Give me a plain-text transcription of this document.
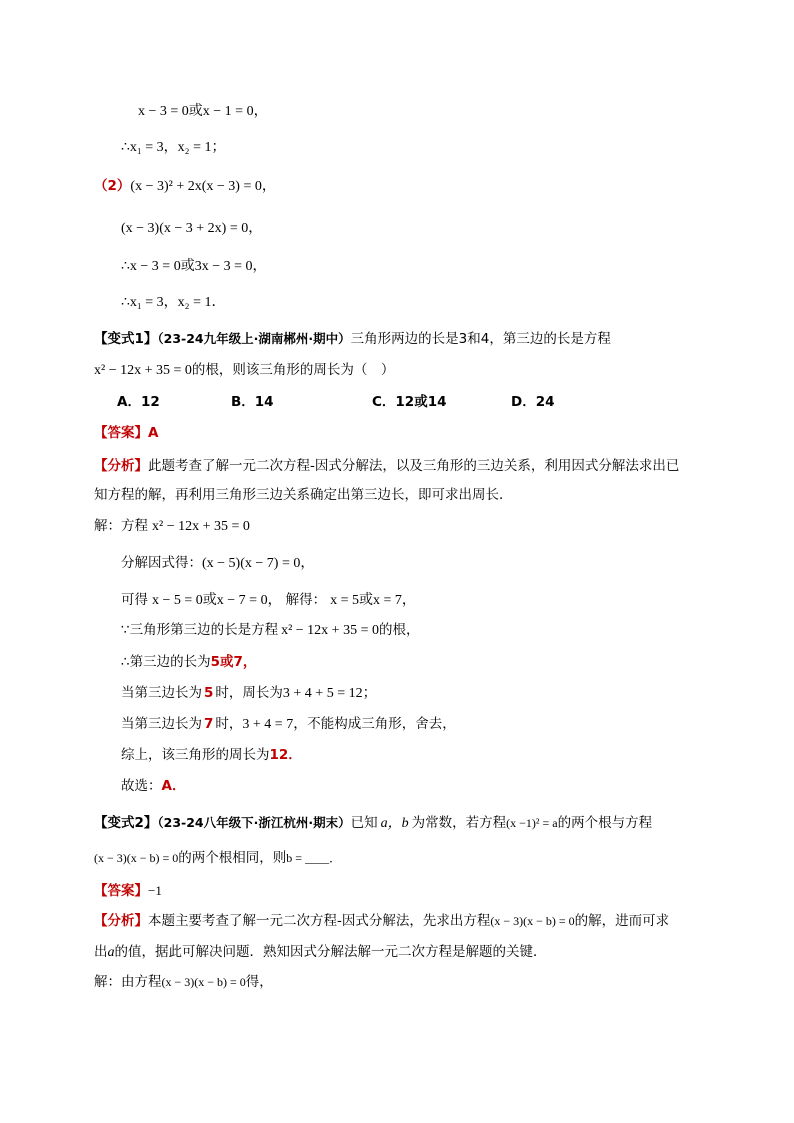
x − 3 = 0或x − 1 = 0，
∴x₁ = 3，x₂ = 1；
（2）(x − 3)² + 2x(x − 3) = 0，
(x − 3)(x − 3 + 2x) = 0，
∴x − 3 = 0或3x − 3 = 0，
∴x₁ = 3，x₂ = 1．
【变式1】（23-24九年级上·湖南郴州·期中）三角形两边的长是3和4，第三边的长是方程
x² − 12x + 35 = 0的根，则该三角形的周长为（　）
A．12	B．14	C．12或14	D．24
【答案】A
【分析】此题考查了解一元二次方程-因式分解法，以及三角形的三边关系，利用因式分解法求出已
知方程的解，再利用三角形三边关系确定出第三边长，即可求出周长．
解：方程 x² − 12x + 35 = 0
分解因式得：(x − 5)(x − 7) = 0，
可得 x − 5 = 0或x − 7 = 0， 解得： x = 5或x = 7，
∵三角形第三边的长是方程 x² − 12x + 35 = 0的根，
∴第三边的长为5或7，
当第三边长为 5 时，周长为3 + 4 + 5 = 12；
当第三边长为 7 时，3 + 4 = 7，不能构成三角形，舍去，
综上，该三角形的周长为12．
故选：A．
【变式2】（23-24八年级下·浙江杭州·期末）已知 a，b 为常数，若方程(x −1)² = a的两个根与方程
(x − 3)(x − b) = 0的两个根相同，则b = ____．
【答案】−1
【分析】本题主要考查了解一元二次方程-因式分解法，先求出方程(x − 3)(x − b) = 0的解，进而可求
出a的值，据此可解决问题．熟知因式分解法解一元二次方程是解题的关键．
解：由方程(x − 3)(x − b) = 0得，
